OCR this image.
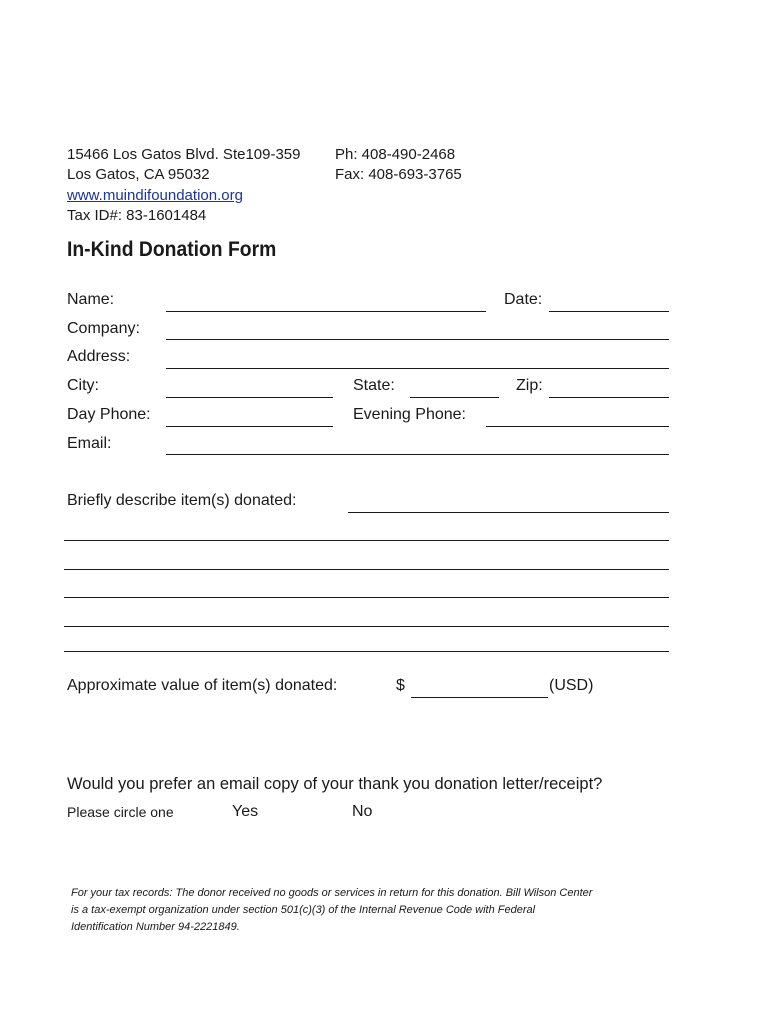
15466 Los Gatos Blvd. Ste109-359
Los Gatos, CA 95032
www.muindifoundation.org
Tax ID#: 83-1601484
Ph: 408-490-2468
Fax: 408-693-3765
In-Kind Donation Form
Name:	Date:
Company:
Address:
City:	State:	Zip:
Day Phone:	Evening Phone:
Email:
Briefly describe item(s) donated:
Approximate value of item(s) donated:	$	(USD)
Would you prefer an email copy of your thank you donation letter/receipt?
Please circle one	Yes	No
For your tax records: The donor received no goods or services in return for this donation. Bill Wilson Center
is a tax-exempt organization under section 501(c)(3) of the Internal Revenue Code with Federal
Identification Number 94-2221849.
